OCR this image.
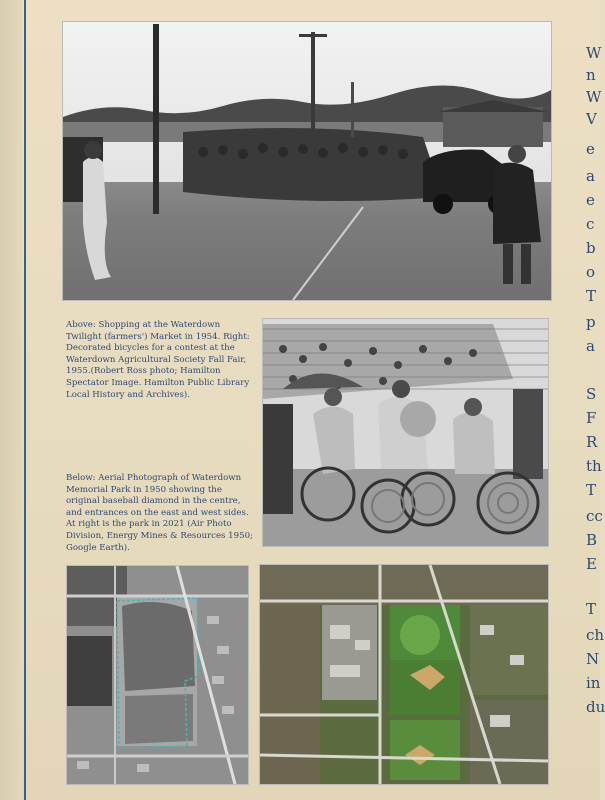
Above: Shopping at the Waterdown Twilight (farmers') Market in 1954. Right: Decorated bicycles for a contest at the Waterdown Agricultural Society Fall Fair, 1955.(Robert Ross photo; Hamilton Spectator Image. Hamilton Public Library Local History and Archives).
Below: Aerial Photograph of Waterdown Memorial Park in 1950 showing the original baseball diamond in the centre, and entrances on the east and west sides. At right is the park in 2021 (Air Photo Division, Energy Mines & Resources 1950; Google Earth).
W
n
W
V
e
a
e
c
b
o
T
p
a
S
F
R
th
T
cc
B
E
T
ch
N
in
du
